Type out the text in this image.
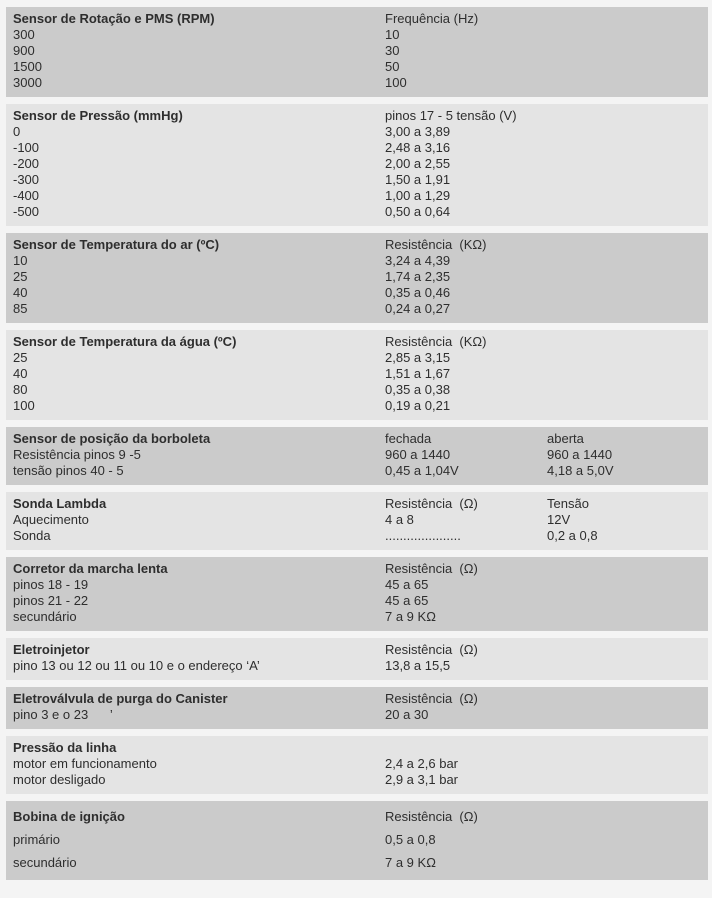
Sensor de Rotação e PMS (RPM)	Frequência (Hz)
300	10
900	30
1500	50
3000	100
Sensor de Pressão (mmHg)	pinos 17 - 5 tensão (V)
0	3,00 a 3,89
-100	2,48 a 3,16
-200	2,00 a 2,55
-300	1,50 a 1,91
-400	1,00 a 1,29
-500	0,50 a 0,64
Sensor de Temperatura do ar (ºC)	Resistência  (KΩ)
10	3,24 a 4,39
25	1,74 a 2,35
40	0,35 a 0,46
85	0,24 a 0,27
Sensor de Temperatura da água (ºC)	Resistência  (KΩ)
25	2,85 a 3,15
40	1,51 a 1,67
80	0,35 a 0,38
100	0,19 a 0,21
Sensor de posição da borboleta	fechada	aberta
Resistência pinos 9 -5	960 a 1440	960 a 1440
tensão pinos 40 - 5	0,45 a 1,04V	4,18 a 5,0V
Sonda Lambda	Resistência  (Ω)	Tensão
Aquecimento	4 a 8	12V
Sonda	.....................	0,2 a 0,8
Corretor da marcha lenta	Resistência  (Ω)
pinos 18 - 19	45 a 65
pinos 21 - 22	45 a 65
secundário	7 a 9 KΩ
Eletroinjetor	Resistência  (Ω)
pino 13 ou 12 ou 11 ou 10 e o endereço ‘A’	13,8 a 15,5
Eletroválvula de purga do Canister	Resistência  (Ω)
pino 3 e o 23      ’	20 a 30
Pressão da linha
motor em funcionamento	2,4 a 2,6 bar
motor desligado	2,9 a 3,1 bar
Bobina de ignição	Resistência  (Ω)
primário	0,5 a 0,8
secundário	7 a 9 KΩ
